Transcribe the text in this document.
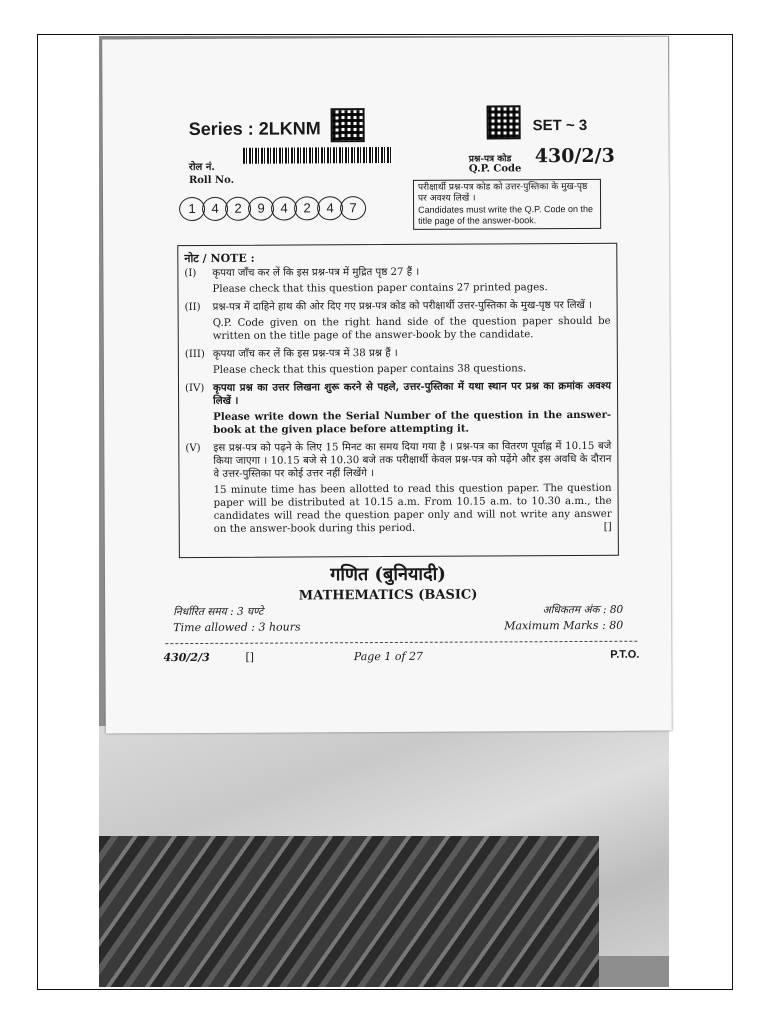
Series : 2LKNM	SET ~ 3
रोल नं.
Roll No.
1	4	2	9	4	2	4	7
प्रश्न-पत्र कोड
Q.P. Code
430/2/3
परीक्षार्थी प्रश्न-पत्र कोड को उत्तर-पुस्तिका के मुख-पृष्ठ पर अवश्य लिखें ।
Candidates must write the Q.P. Code on the title page of the answer-book.
नोट / NOTE :
(I)	कृपया जाँच कर लें कि इस प्रश्न-पत्र में मुद्रित पृष्ठ 27 हैं ।

Please check that this question paper contains 27 printed pages.

(II)	प्रश्न-पत्र में दाहिने हाथ की ओर दिए गए प्रश्न-पत्र कोड को परीक्षार्थी उत्तर-पुस्तिका के मुख-पृष्ठ पर लिखें ।

Q.P. Code given on the right hand side of the question paper should be written on the title page of the answer-book by the candidate.

(III) कृपया जाँच कर लें कि इस प्रश्न-पत्र में 38 प्रश्न हैं ।

Please check that this question paper contains 38 questions.

(IV) कृपया प्रश्न का उत्तर लिखना शुरू करने से पहले, उत्तर-पुस्तिका में यथा स्थान पर प्रश्न का क्रमांक अवश्य लिखें ।

Please write down the Serial Number of the question in the answer-book at the given place before attempting it.

(V)	इस प्रश्न-पत्र को पढ़ने के लिए 15 मिनट का समय दिया गया है । प्रश्न-पत्र का वितरण पूर्वाह्न में 10.15 बजे किया जाएगा । 10.15 बजे से 10.30 बजे तक परीक्षार्थी केवल प्रश्न-पत्र को पढ़ेंगे और इस अवधि के दौरान वे उत्तर-पुस्तिका पर कोई उत्तर नहीं लिखेंगे ।

15 minute time has been allotted to read this question paper. The question paper will be distributed at 10.15 a.m. From 10.15 a.m. to 10.30 a.m., the candidates will read the question paper only and will not write any answer on the answer-book during this period.	[]

गणित (बुनियादी)
MATHEMATICS (BASIC)
निर्धारित समय : 3 घण्टे
Time allowed : 3 hours
अधिकतम अंक : 80
Maximum Marks : 80
430/2/3	[]	Page 1 of 27	P.T.O.
